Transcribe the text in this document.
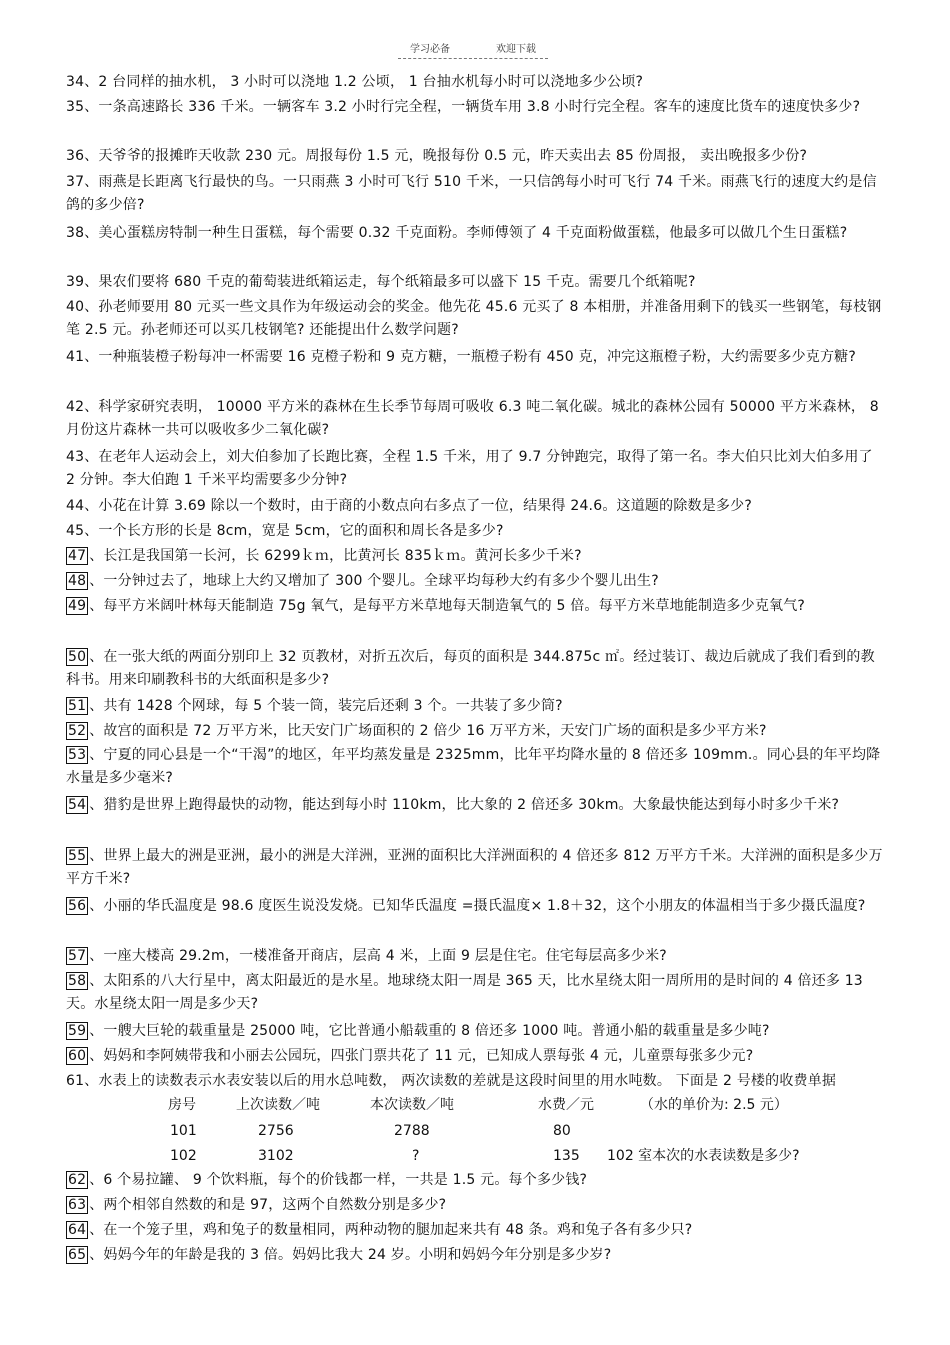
学习必备	欢迎下载
34、2 台同样的抽水机， 3 小时可以浇地 1.2 公顷， 1 台抽水机每小时可以浇地多少公顷?
35、一条高速路长 336 千米。一辆客车 3.2 小时行完全程，一辆货车用 3.8 小时行完全程。客车的速度比货车的速度快多少?
36、天爷爷的报摊昨天收款 230 元。周报每份 1.5 元，晚报每份 0.5 元，昨天卖出去 85 份周报， 卖出晚报多少份?
37、雨燕是长距离飞行最快的鸟。一只雨燕 3 小时可飞行 510 千米，一只信鸽每小时可飞行 74 千米。雨燕飞行的速度大约是信鸽的多少倍?
38、美心蛋糕房特制一种生日蛋糕，每个需要 0.32 千克面粉。李师傅领了 4 千克面粉做蛋糕，他最多可以做几个生日蛋糕?
39、果农们要将 680 千克的葡萄装进纸箱运走，每个纸箱最多可以盛下 15 千克。需要几个纸箱呢?
40、孙老师要用 80 元买一些文具作为年级运动会的奖金。他先花 45.6 元买了 8 本相册，并准备用剩下的钱买一些钢笔，每枝钢笔 2.5 元。孙老师还可以买几枝钢笔? 还能提出什么数学问题?
41、一种瓶装橙子粉每冲一杯需要 16 克橙子粉和 9 克方糖，一瓶橙子粉有 450 克，冲完这瓶橙子粉，大约需要多少克方糖?
42、科学家研究表明， 10000 平方米的森林在生长季节每周可吸收 6.3 吨二氧化碳。城北的森林公园有 50000 平方米森林， 8 月份这片森林一共可以吸收多少二氧化碳?
43、在老年人运动会上，刘大伯参加了长跑比赛，全程 1.5 千米，用了 9.7 分钟跑完，取得了第一名。李大伯只比刘大伯多用了 2 分钟。李大伯跑 1 千米平均需要多少分钟?
44、小花在计算 3.69 除以一个数时，由于商的小数点向右多点了一位，结果得 24.6。这道题的除数是多少?
45、一个长方形的长是 8cm，宽是 5cm，它的面积和周长各是多少?
47 、长江是我国第一长河，长 6299ｋｍ，比黄河长 835ｋｍ。黄河长多少千米?
48 、一分钟过去了，地球上大约又增加了 300 个婴儿。全球平均每秒大约有多少个婴儿出生?
49 、每平方米阔叶林每天能制造 75g 氧气，是每平方米草地每天制造氧气的 5 倍。每平方米草地能制造多少克氧气?
50 、在一张大纸的两面分别印上 32 页教材，对折五次后，每页的面积是 344.875c ㎡。经过装订、裁边后就成了我们看到的教科书。用来印刷教科书的大纸面积是多少?
51 、共有 1428 个网球，每 5 个装一筒，装完后还剩 3 个。一共装了多少筒?
52 、故宫的面积是 72 万平方米，比天安门广场面积的 2 倍少 16 万平方米，天安门广场的面积是多少平方米?
53 、宁夏的同心县是一个“干渴”的地区，年平均蒸发量是 2325mm，比年平均降水量的 8 倍还多 109mm.。同心县的年平均降水量是多少毫米?
54 、猎豹是世界上跑得最快的动物，能达到每小时 110km，比大象的 2 倍还多 30km。大象最快能达到每小时多少千米?
55 、世界上最大的洲是亚洲，最小的洲是大洋洲，亚洲的面积比大洋洲面积的 4 倍还多 812 万平方千米。大洋洲的面积是多少万平方千米?
56 、小丽的华氏温度是 98.6 度医生说没发烧。已知华氏温度 =摄氏温度× 1.8＋32，这个小朋友的体温相当于多少摄氏温度?
57 、一座大楼高 29.2m，一楼准备开商店，层高 4 米，上面 9 层是住宅。住宅每层高多少米?
58 、太阳系的八大行星中，离太阳最近的是水星。地球绕太阳一周是 365 天，比水星绕太阳一周所用的是时间的 4 倍还多 13 天。水星绕太阳一周是多少天?
59 、一艘大巨轮的载重量是 25000 吨，它比普通小船载重的 8 倍还多 1000 吨。普通小船的载重量是多少吨?
60 、妈妈和李阿姨带我和小丽去公园玩，四张门票共花了 11 元，已知成人票每张 4 元，儿童票每张多少元?
61、水表上的读数表示水表安装以后的用水总吨数， 两次读数的差就是这段时间里的用水吨数。 下面是 2 号楼的收费单据
房号	上次读数／吨	本次读数／吨	水费／元	（水的单价为: 2.5 元）
101	2756	2788	80
102	3102	?	135 102 室本次的水表读数是多少?
62 、6 个易拉罐、 9 个饮料瓶，每个的价钱都一样，一共是 1.5 元。每个多少钱?
63 、两个相邻自然数的和是 97，这两个自然数分别是多少?
64 、在一个笼子里，鸡和兔子的数量相同，两种动物的腿加起来共有 48 条。鸡和兔子各有多少只?
65 、妈妈今年的年龄是我的 3 倍。妈妈比我大 24 岁。小明和妈妈今年分别是多少岁?
